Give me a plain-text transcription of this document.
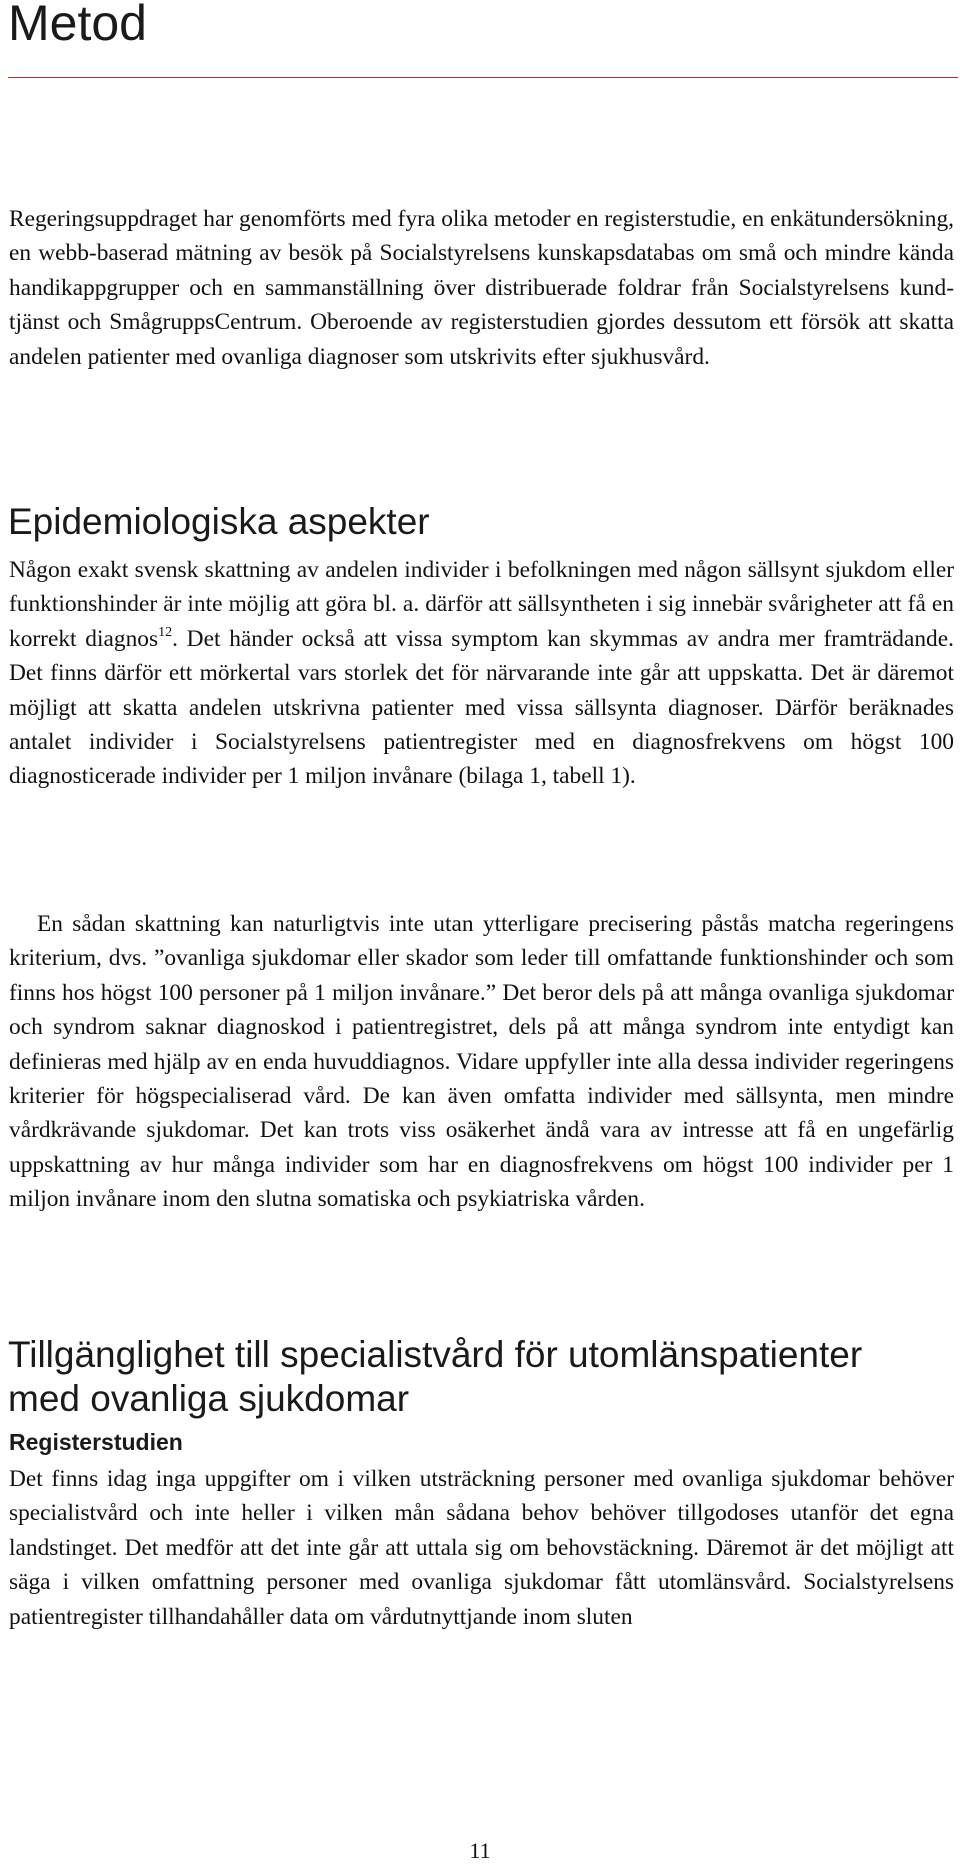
Metod

Regeringsuppdraget har genomförts med fyra olika metoder en registerstudie, en enkätundersökning, en webb-baserad mätning av besök på Socialstyrelsens kunskapsdatabas om små och mindre kända handikappgrupper och en sammanställning över distribuerade foldrar från Socialstyrelsens kundtjänst och SmågruppsCentrum. Oberoende av registerstudien gjordes dessutom ett försök att skatta andelen patienter med ovanliga diagnoser som utskrivits efter sjukhusvård.

Epidemiologiska aspekter

Någon exakt svensk skattning av andelen individer i befolkningen med någon sällsynt sjukdom eller funktionshinder är inte möjlig att göra bl. a. därför att sällsyntheten i sig innebär svårigheter att få en korrekt diagnos$^{12}$. Det händer också att vissa symptom kan skymmas av andra mer framträdande. Det finns därför ett mörkertal vars storlek det för närvarande inte går att uppskatta. Det är däremot möjligt att skatta andelen utskrivna patienter med vissa sällsynta diagnoser. Därför beräknades antalet individer i Socialstyrelsens patientregister med en diagnosfrekvens om högst 100 diagnosticerade individer per 1 miljon invånare (bilaga 1, tabell 1).

En sådan skattning kan naturligtvis inte utan ytterligare precisering påstås matcha regeringens kriterium, dvs. ”ovanliga sjukdomar eller skador som leder till omfattande funktionshinder och som finns hos högst 100 personer på 1 miljon invånare.” Det beror dels på att många ovanliga sjukdomar och syndrom saknar diagnoskod i patientregistret, dels på att många syndrom inte entydigt kan definieras med hjälp av en enda huvuddiagnos. Vidare uppfyller inte alla dessa individer regeringens kriterier för högspecialiserad vård. De kan även omfatta individer med sällsynta, men mindre vårdkrävande sjukdomar. Det kan trots viss osäkerhet ändå vara av intresse att få en ungefärlig uppskattning av hur många individer som har en diagnosfrekvens om högst 100 individer per 1 miljon invånare inom den slutna somatiska och psykiatriska vården.

Tillgänglighet till specialistvård för utomlänspatienter
med ovanliga sjukdomar
Registerstudien

Det finns idag inga uppgifter om i vilken utsträckning personer med ovanliga sjukdomar behöver specialistvård och inte heller i vilken mån sådana behov behöver tillgodoses utanför det egna landstinget. Det medför att det inte går att uttala sig om behovstäckning. Däremot är det möjligt att säga i vilken omfattning personer med ovanliga sjukdomar fått utomlänsvård. Socialstyrelsens patientregister tillhandahåller data om vårdutnyttjande inom sluten

11
